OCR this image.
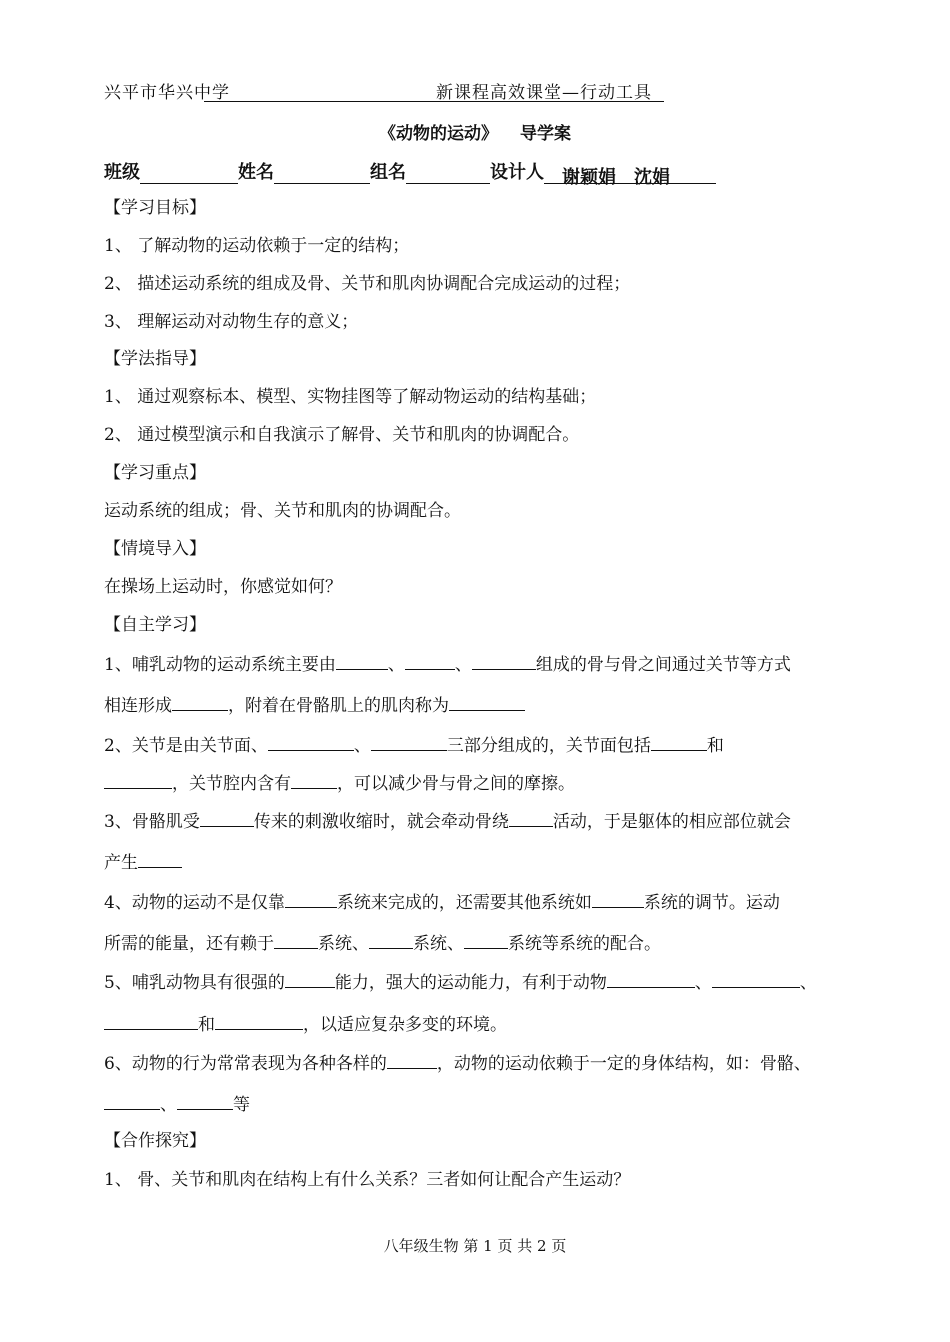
兴平市华兴中学	新课程高效课堂—行动工具
《动物的运动》 导学案
班级	姓名	组名	设计人 谢颖娟　沈娟
【学习目标】
1、 了解动物的运动依赖于一定的结构；
2、 描述运动系统的组成及骨、关节和肌肉协调配合完成运动的过程；
3、 理解运动对动物生存的意义；
【学法指导】
1、 通过观察标本、模型、实物挂图等了解动物运动的结构基础；
2、 通过模型演示和自我演示了解骨、关节和肌肉的协调配合。
【学习重点】
运动系统的组成；骨、关节和肌肉的协调配合。
【情境导入】
在操场上运动时，你感觉如何？
【自主学习】
1、哺乳动物的运动系统主要由	、	、	组成的骨与骨之间通过关节等方式
相连形成	，附着在骨骼肌上的肌肉称为
2、关节是由关节面、	、	三部分组成的，关节面包括	和
，关节腔内含有	，可以减少骨与骨之间的摩擦。
3、骨骼肌受	传来的刺激收缩时，就会牵动骨绕	活动，于是躯体的相应部位就会
产生
4、动物的运动不是仅靠	系统来完成的，还需要其他系统如	系统的调节。运动
所需的能量，还有赖于	系统、	系统、	系统等系统的配合。
5、哺乳动物具有很强的	能力，强大的运动能力，有利于动物	、	、
和	，以适应复杂多变的环境。
6、动物的行为常常表现为各种各样的	，动物的运动依赖于一定的身体结构，如：骨骼、
、	等
【合作探究】
1、 骨、关节和肌肉在结构上有什么关系？三者如何让配合产生运动？
八年级生物 第 1 页 共 2 页
